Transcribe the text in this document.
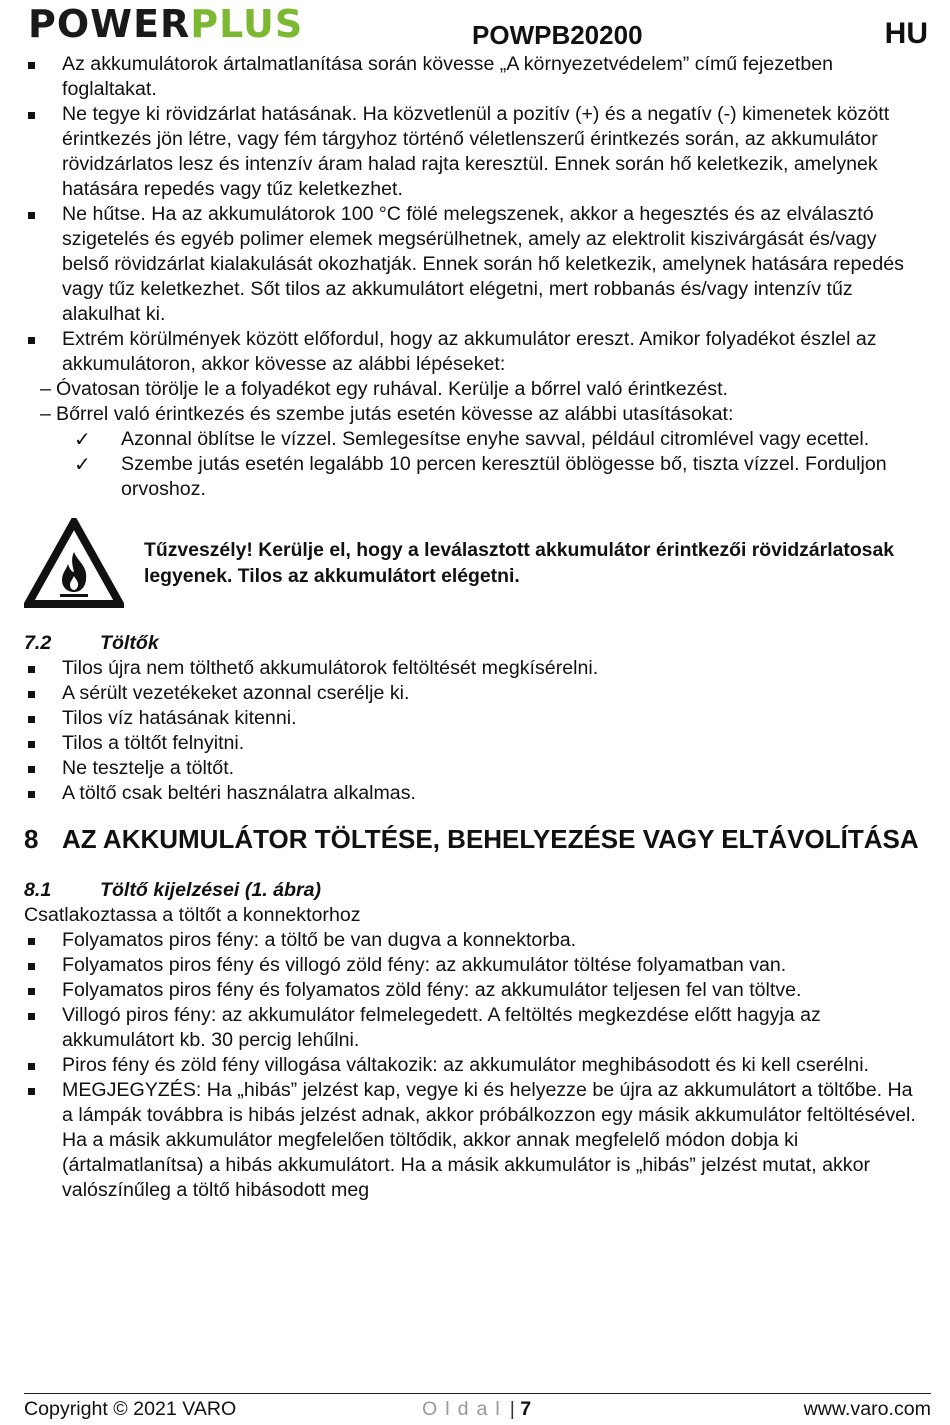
POWER PLUS	POWPB20200	HU
Az akkumulátorok ártalmatlanítása során kövesse „A környezetvédelem” című fejezetben foglaltakat.
Ne tegye ki rövidzárlat hatásának. Ha közvetlenül a pozitív (+) és a negatív (-) kimenetek között érintkezés jön létre, vagy fém tárgyhoz történő véletlenszerű érintkezés során, az akkumulátor rövidzárlatos lesz és intenzív áram halad rajta keresztül. Ennek során hő keletkezik, amelynek hatására repedés vagy tűz keletkezhet.
Ne hűtse. Ha az akkumulátorok 100 °C fölé melegszenek, akkor a hegesztés és az elválasztó szigetelés és egyéb polimer elemek megsérülhetnek, amely az elektrolit kiszivárgását és/vagy belső rövidzárlat kialakulását okozhatják. Ennek során hő keletkezik, amelynek hatására repedés vagy tűz keletkezhet. Sőt tilos az akkumulátort elégetni, mert robbanás és/vagy intenzív tűz alakulhat ki.
Extrém körülmények között előfordul, hogy az akkumulátor ereszt. Amikor folyadékot észlel az akkumulátoron, akkor kövesse az alábbi lépéseket:
– Óvatosan törölje le a folyadékot egy ruhával. Kerülje a bőrrel való érintkezést.
– Bőrrel való érintkezés és szembe jutás esetén kövesse az alábbi utasításokat:
✓ Azonnal öblítse le vízzel. Semlegesítse enyhe savval, például citromlével vagy ecettel.
✓ Szembe jutás esetén legalább 10 percen keresztül öblögesse bő, tiszta vízzel. Forduljon orvoshoz.
Tűzveszély! Kerülje el, hogy a leválasztott akkumulátor érintkezői rövidzárlatosak legyenek. Tilos az akkumulátort elégetni.
7.2 Töltők
Tilos újra nem tölthető akkumulátorok feltöltését megkísérelni.
A sérült vezetékeket azonnal cserélje ki.
Tilos víz hatásának kitenni.
Tilos a töltőt felnyitni.
Ne tesztelje a töltőt.
A töltő csak beltéri használatra alkalmas.
8 AZ AKKUMULÁTOR TÖLTÉSE, BEHELYEZÉSE VAGY ELTÁVOLÍTÁSA
8.1 Töltő kijelzései (1. ábra)

Csatlakoztassa a töltőt a konnektorhoz

Folyamatos piros fény: a töltő be van dugva a konnektorba.
Folyamatos piros fény és villogó zöld fény: az akkumulátor töltése folyamatban van.
Folyamatos piros fény és folyamatos zöld fény: az akkumulátor teljesen fel van töltve.
Villogó piros fény: az akkumulátor felmelegedett. A feltöltés megkezdése előtt hagyja az akkumulátort kb. 30 percig lehűlni.
Piros fény és zöld fény villogása váltakozik: az akkumulátor meghibásodott és ki kell cserélni.
MEGJEGYZÉS: Ha „hibás” jelzést kap, vegye ki és helyezze be újra az akkumulátort a töltőbe. Ha a lámpák továbbra is hibás jelzést adnak, akkor próbálkozzon egy másik akkumulátor feltöltésével. Ha a másik akkumulátor megfelelően töltődik, akkor annak megfelelő módon dobja ki (ártalmatlanítsa) a hibás akkumulátort. Ha a másik akkumulátor is „hibás” jelzést mutat, akkor valószínűleg a töltő hibásodott meg
Copyright © 2021 VARO	Oldal | 7	www.varo.com
